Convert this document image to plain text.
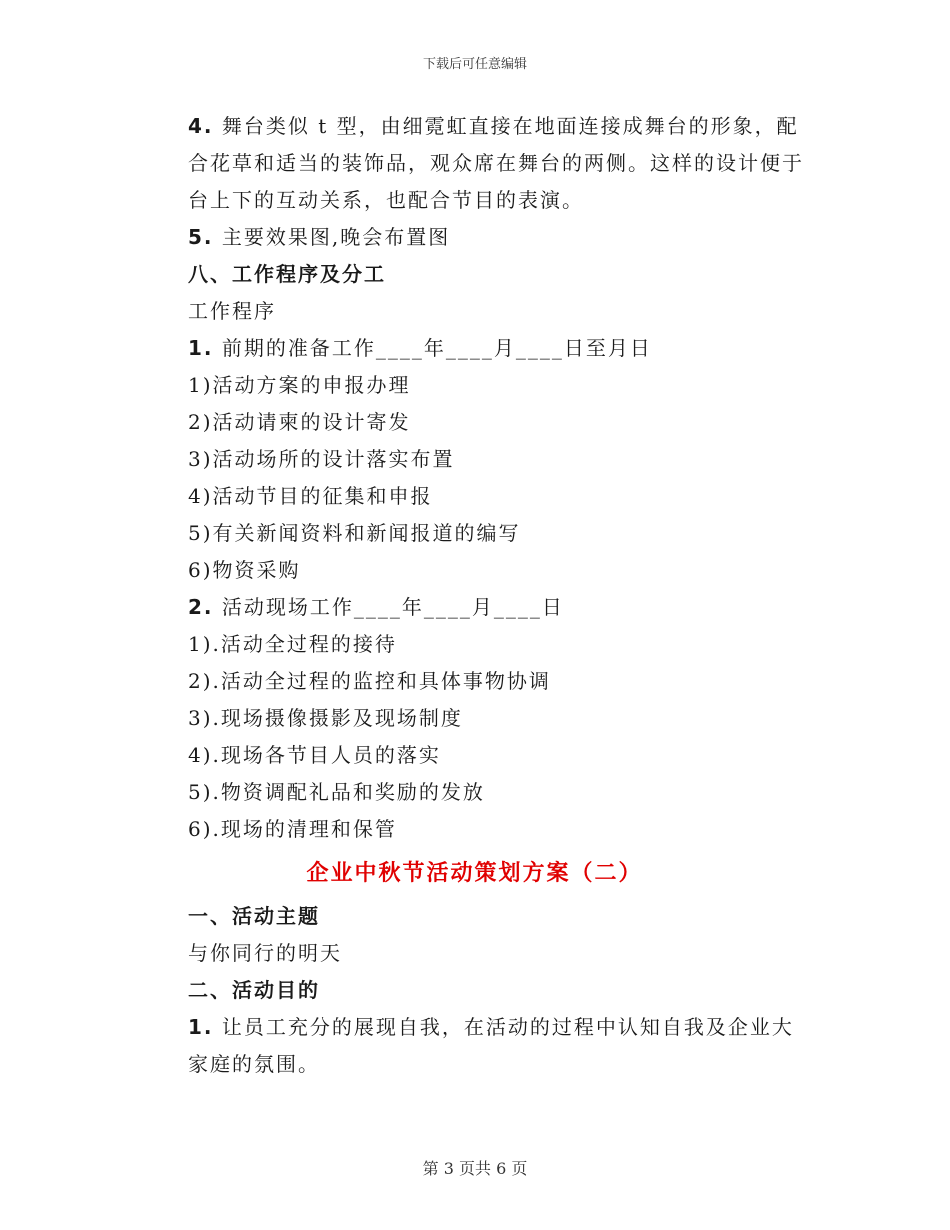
下载后可任意编辑

4. 舞台类似 t 型，由细霓虹直接在地面连接成舞台的形象，配合花草和适当的装饰品，观众席在舞台的两侧。这样的设计便于台上下的互动关系，也配合节目的表演。

5. 主要效果图,晚会布置图

八、工作程序及分工

工作程序

1. 前期的准备工作____年____月____日至月日

1)活动方案的申报办理

2)活动请柬的设计寄发

3)活动场所的设计落实布置

4)活动节目的征集和申报

5)有关新闻资料和新闻报道的编写

6)物资采购

2. 活动现场工作____年____月____日

1).活动全过程的接待

2).活动全过程的监控和具体事物协调

3).现场摄像摄影及现场制度

4).现场各节目人员的落实

5).物资调配礼品和奖励的发放

6).现场的清理和保管

企业中秋节活动策划方案（二）

一、活动主题

与你同行的明天

二、活动目的

1. 让员工充分的展现自我，在活动的过程中认知自我及企业大家庭的氛围。

第 3 页共 6 页
